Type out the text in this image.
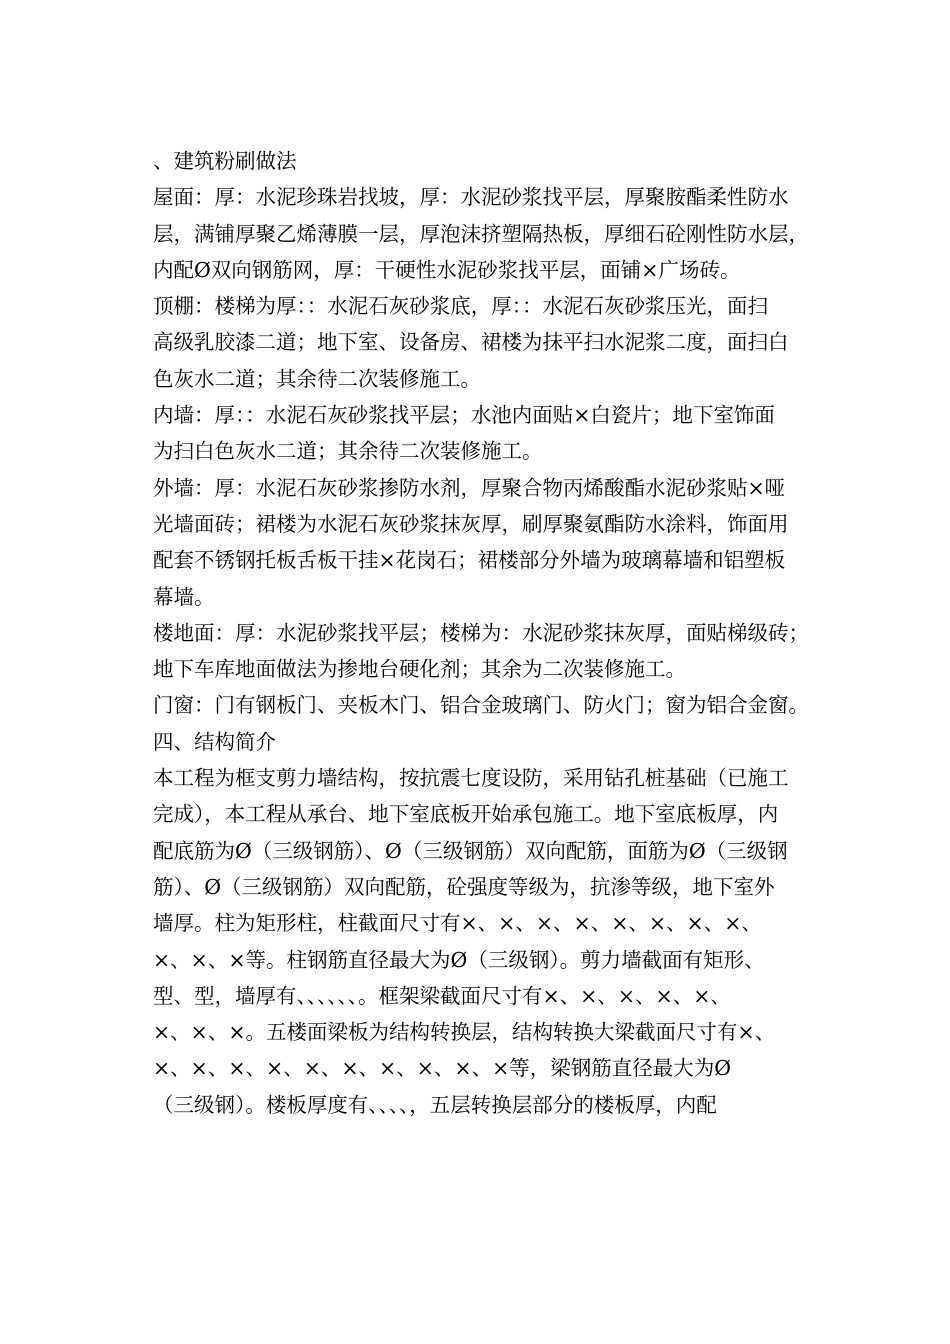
、建筑粉刷做法
屋面：厚：水泥珍珠岩找坡，厚：水泥砂浆找平层，厚聚胺酯柔性防水
层，满铺厚聚乙烯薄膜一层，厚泡沫挤塑隔热板，厚细石砼刚性防水层，
内配Ø双向钢筋网，厚：干硬性水泥砂浆找平层，面铺×广场砖。
顶棚：楼梯为厚：：水泥石灰砂浆底，厚：：水泥石灰砂浆压光，面扫
高级乳胶漆二道；地下室、设备房、裙楼为抹平扫水泥浆二度，面扫白
色灰水二道；其余待二次装修施工。
内墙：厚：：水泥石灰砂浆找平层；水池内面贴×白瓷片；地下室饰面
为扫白色灰水二道；其余待二次装修施工。
外墙：厚：水泥石灰砂浆掺防水剂，厚聚合物丙烯酸酯水泥砂浆贴×哑
光墙面砖；裙楼为水泥石灰砂浆抹灰厚，刷厚聚氨酯防水涂料，饰面用
配套不锈钢托板舌板干挂×花岗石；裙楼部分外墙为玻璃幕墙和铝塑板
幕墙。
楼地面：厚：水泥砂浆找平层；楼梯为：水泥砂浆抹灰厚，面贴梯级砖；
地下车库地面做法为掺地台硬化剂；其余为二次装修施工。
门窗：门有钢板门、夹板木门、铝合金玻璃门、防火门；窗为铝合金窗。
四、结构简介
本工程为框支剪力墙结构，按抗震七度设防，采用钻孔桩基础（已施工
完成），本工程从承台、地下室底板开始承包施工。地下室底板厚，内
配底筋为Ø（三级钢筋）、Ø（三级钢筋）双向配筋，面筋为Ø（三级钢
筋）、Ø（三级钢筋）双向配筋，砼强度等级为，抗渗等级，地下室外
墙厚。柱为矩形柱，柱截面尺寸有×、×、×、×、×、×、×、×、
×、×、×等。柱钢筋直径最大为Ø（三级钢）。剪力墙截面有矩形、
型、型，墙厚有、、、、、、。框架梁截面尺寸有×、×、×、×、×、
×、×、×。五楼面梁板为结构转换层，结构转换大梁截面尺寸有×、
×、×、×、×、×、×、×、×、×、×等，梁钢筋直径最大为Ø
（三级钢）。楼板厚度有、、、、，五层转换层部分的楼板厚，内配
